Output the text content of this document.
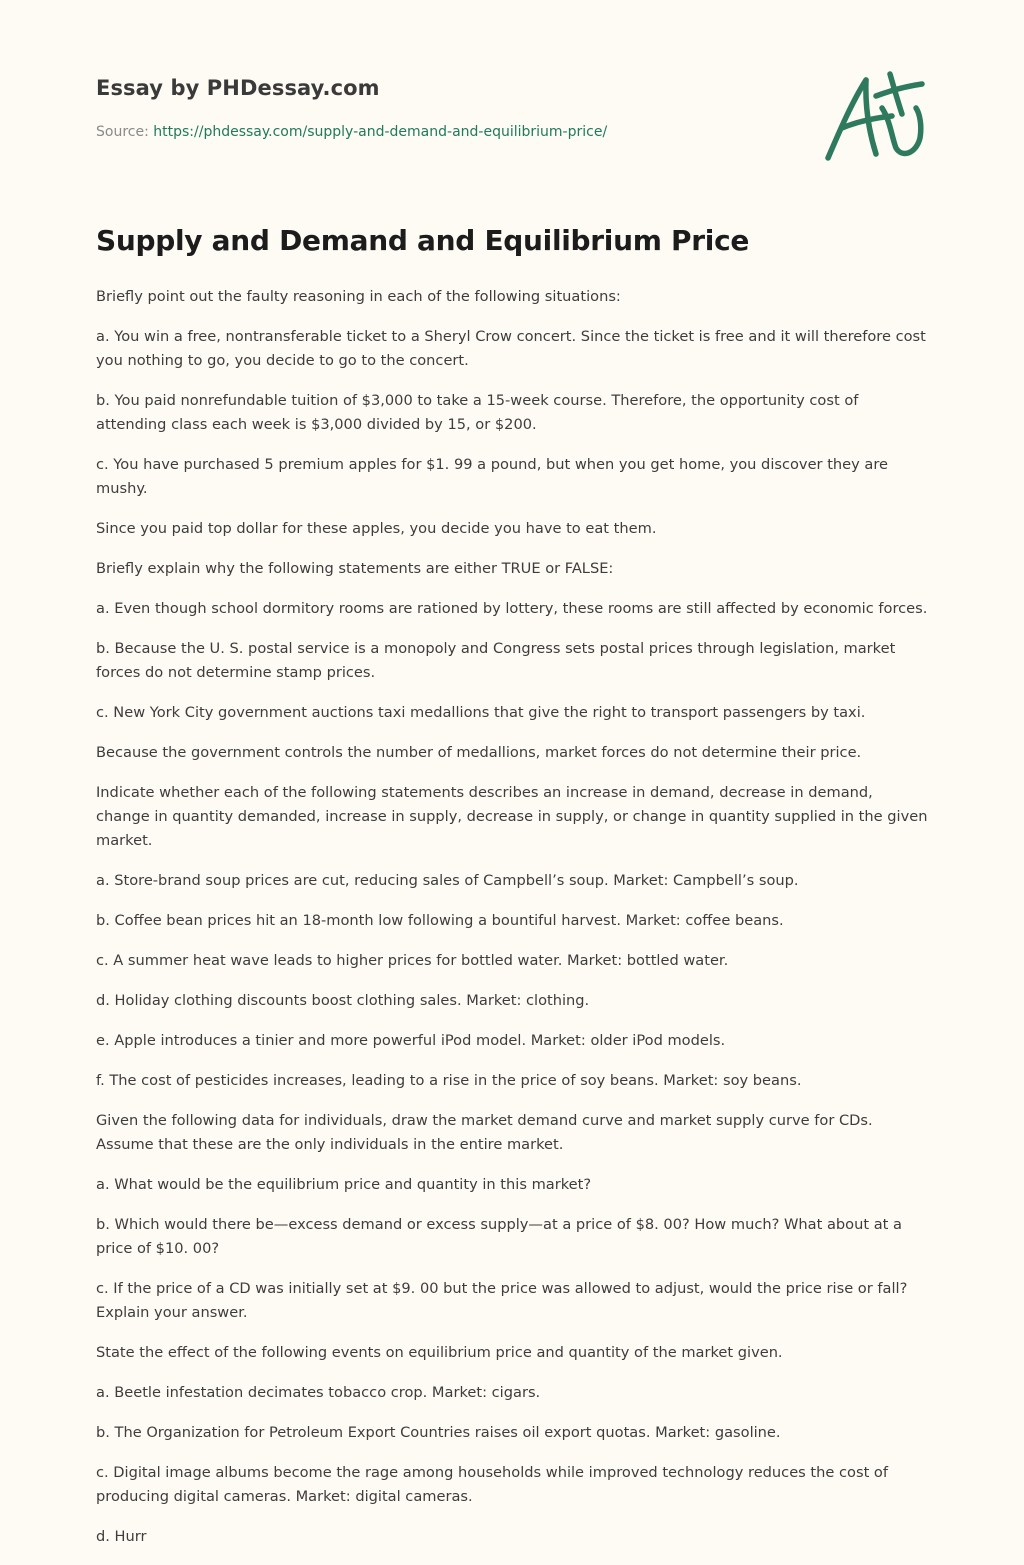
Essay by PHDessay.com
Source: https://phdessay.com/supply-and-demand-and-equilibrium-price/
Supply and Demand and Equilibrium Price

Briefly point out the faulty reasoning in each of the following situations:

a. You win a free, nontransferable ticket to a Sheryl Crow concert. Since the ticket is free and it will therefore cost you nothing to go, you decide to go to the concert.

b. You paid nonrefundable tuition of $3,000 to take a 15-week course. Therefore, the opportunity cost of attending class each week is $3,000 divided by 15, or $200.

c. You have purchased 5 premium apples for $1. 99 a pound, but when you get home, you discover they are mushy.

Since you paid top dollar for these apples, you decide you have to eat them.

Briefly explain why the following statements are either TRUE or FALSE:

a. Even though school dormitory rooms are rationed by lottery, these rooms are still affected by economic forces.

b. Because the U. S. postal service is a monopoly and Congress sets postal prices through legislation, market forces do not determine stamp prices.

c. New York City government auctions taxi medallions that give the right to transport passengers by taxi.

Because the government controls the number of medallions, market forces do not determine their price.

Indicate whether each of the following statements describes an increase in demand, decrease in demand, change in quantity demanded, increase in supply, decrease in supply, or change in quantity supplied in the given market.

a. Store-brand soup prices are cut, reducing sales of Campbell’s soup. Market: Campbell’s soup.

b. Coffee bean prices hit an 18-month low following a bountiful harvest. Market: coffee beans.

c. A summer heat wave leads to higher prices for bottled water. Market: bottled water.

d. Holiday clothing discounts boost clothing sales. Market: clothing.

e. Apple introduces a tinier and more powerful iPod model. Market: older iPod models.

f. The cost of pesticides increases, leading to a rise in the price of soy beans. Market: soy beans.

Given the following data for individuals, draw the market demand curve and market supply curve for CDs. Assume that these are the only individuals in the entire market.

a. What would be the equilibrium price and quantity in this market?

b. Which would there be—excess demand or excess supply—at a price of $8. 00? How much? What about at a price of $10. 00?

c. If the price of a CD was initially set at $9. 00 but the price was allowed to adjust, would the price rise or fall? Explain your answer.

State the effect of the following events on equilibrium price and quantity of the market given.

a. Beetle infestation decimates tobacco crop. Market: cigars.

b. The Organization for Petroleum Export Countries raises oil export quotas. Market: gasoline.

c. Digital image albums become the rage among households while improved technology reduces the cost of producing digital cameras. Market: digital cameras.

d. Hurr
